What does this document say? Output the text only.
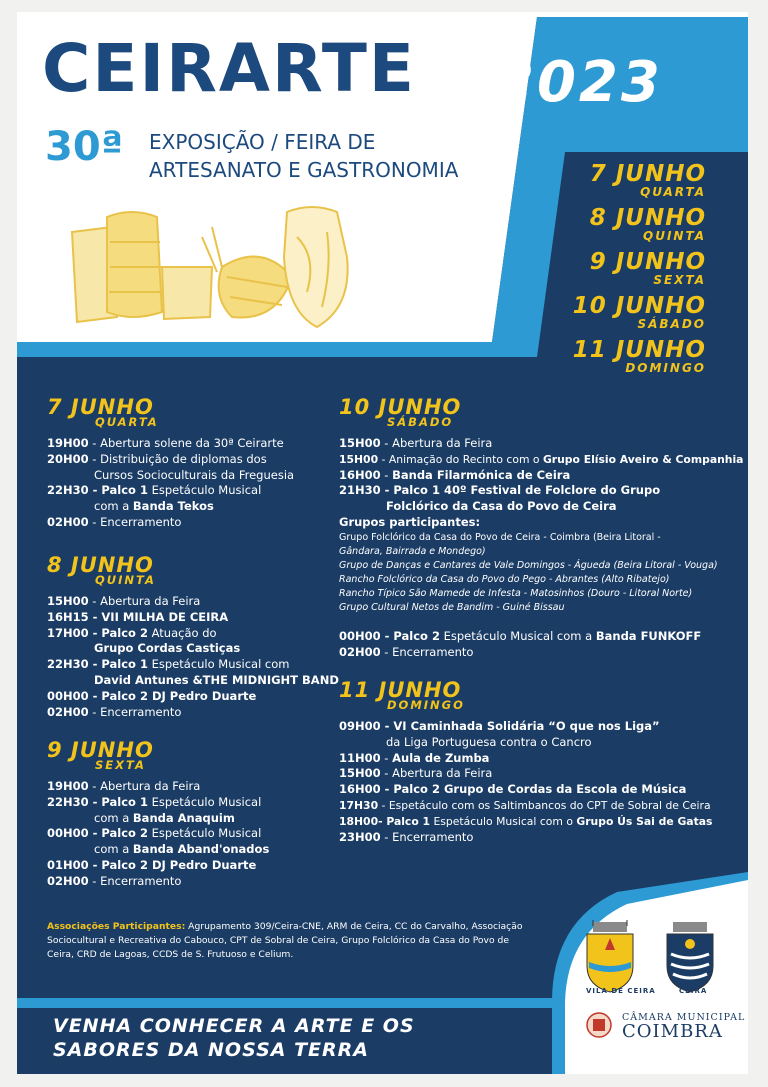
CEIRARTE 2023
30ª EXPOSIÇÃO / FEIRA DE
ARTESANATO E GASTRONOMIA	7 JUNHO
QUARTA
8 JUNHO
QUINTA
9 JUNHO
SEXTA
10 JUNHO
SÁBADO
11 JUNHO
DOMINGO
7 JUNHO
QUARTA
19H00 - Abertura solene da 30ª Ceirarte
20H00 - Distribuição de diplomas dos
Cursos Socioculturais da Freguesia
22H30 - Palco 1 Espetáculo Musical
com a Banda Tekos
02H00 - Encerramento
8 JUNHO
QUINTA
15H00 - Abertura da Feira
16H15 - VII MILHA DE CEIRA
17H00 - Palco 2 Atuação do
Grupo Cordas Castiças
22H30 - Palco 1 Espetáculo Musical com
David Antunes &THE MIDNIGHT BAND
00H00 - Palco 2 DJ Pedro Duarte
02H00 - Encerramento
9 JUNHO
SEXTA
19H00 - Abertura da Feira
22H30 - Palco 1 Espetáculo Musical
com a Banda Anaquim
00H00 - Palco 2 Espetáculo Musical
com a Banda Aband'onados
01H00 - Palco 2 DJ Pedro Duarte
02H00 - Encerramento
10 JUNHO
SÁBADO
15H00 - Abertura da Feira
15H00 - Animação do Recinto com o Grupo Elísio Aveiro & Companhia
16H00 - Banda Filarmónica de Ceira
21H30 - Palco 1 40º Festival de Folclore do Grupo
Folclórico da Casa do Povo de Ceira
Grupos participantes:
Grupo Folclórico da Casa do Povo de Ceira - Coimbra (Beira Litoral -
Gândara, Bairrada e Mondego)
Grupo de Danças e Cantares de Vale Domingos - Águeda (Beira Litoral - Vouga)
Rancho Folclórico da Casa do Povo do Pego - Abrantes (Alto Ribatejo)
Rancho Típico São Mamede de Infesta - Matosinhos (Douro - Litoral Norte)
Grupo Cultural Netos de Bandim - Guiné Bissau
00H00 - Palco 2 Espetáculo Musical com a Banda FUNKOFF
02H00 - Encerramento
11 JUNHO
DOMINGO
09H00 - VI Caminhada Solidária “O que nos Liga”
da Liga Portuguesa contra o Cancro
11H00 - Aula de Zumba
15H00 - Abertura da Feira
16H00 - Palco 2 Grupo de Cordas da Escola de Música
17H30 - Espetáculo com os Saltimbancos do CPT de Sobral de Ceira
18H00- Palco 1 Espetáculo Musical com o Grupo Ús Sai de Gatas
23H00 - Encerramento
Associações Participantes: Agrupamento 309/Ceira-CNE, ARM de Ceira, CC do Carvalho, Associação Sociocultural e Recreativa do Cabouco, CPT de Sobral de Ceira, Grupo Folclórico da Casa do Povo de Ceira, CRD de Lagoas, CCDS de S. Frutuoso e Celium.
VENHA CONHECER A ARTE E OS
SABORES DA NOSSA TERRA
VILA DE CEIRA	CEIRA
CÂMARA MUNICIPAL
COIMBRA
